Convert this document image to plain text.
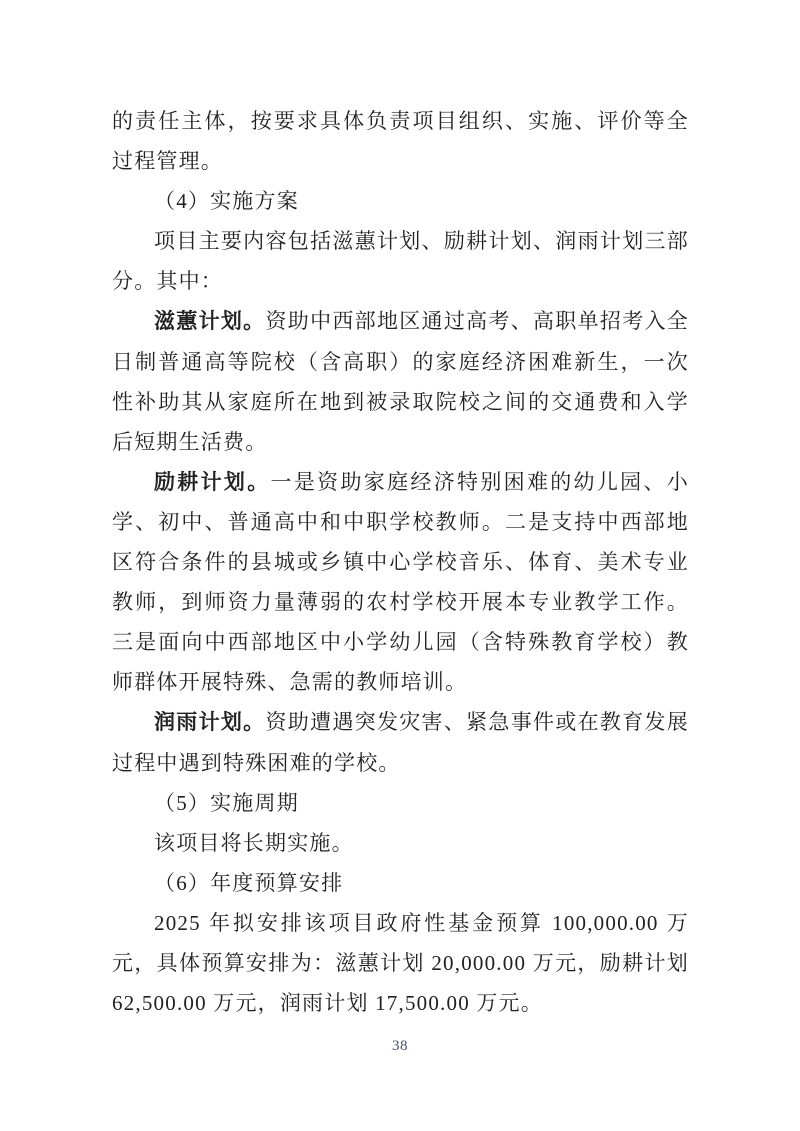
的责任主体，按要求具体负责项目组织、实施、评价等全过程管理。

（4）实施方案

项目主要内容包括滋蕙计划、励耕计划、润雨计划三部分。其中：

滋蕙计划。资助中西部地区通过高考、高职单招考入全日制普通高等院校（含高职）的家庭经济困难新生，一次性补助其从家庭所在地到被录取院校之间的交通费和入学后短期生活费。

励耕计划。一是资助家庭经济特别困难的幼儿园、小学、初中、普通高中和中职学校教师。二是支持中西部地区符合条件的县城或乡镇中心学校音乐、体育、美术专业教师，到师资力量薄弱的农村学校开展本专业教学工作。三是面向中西部地区中小学幼儿园（含特殊教育学校）教师群体开展特殊、急需的教师培训。

润雨计划。资助遭遇突发灾害、紧急事件或在教育发展过程中遇到特殊困难的学校。

（5）实施周期

该项目将长期实施。

（6）年度预算安排

2025 年拟安排该项目政府性基金预算 100,000.00 万元，具体预算安排为：滋蕙计划 20,000.00 万元，励耕计划 62,500.00 万元，润雨计划 17,500.00 万元。

38
